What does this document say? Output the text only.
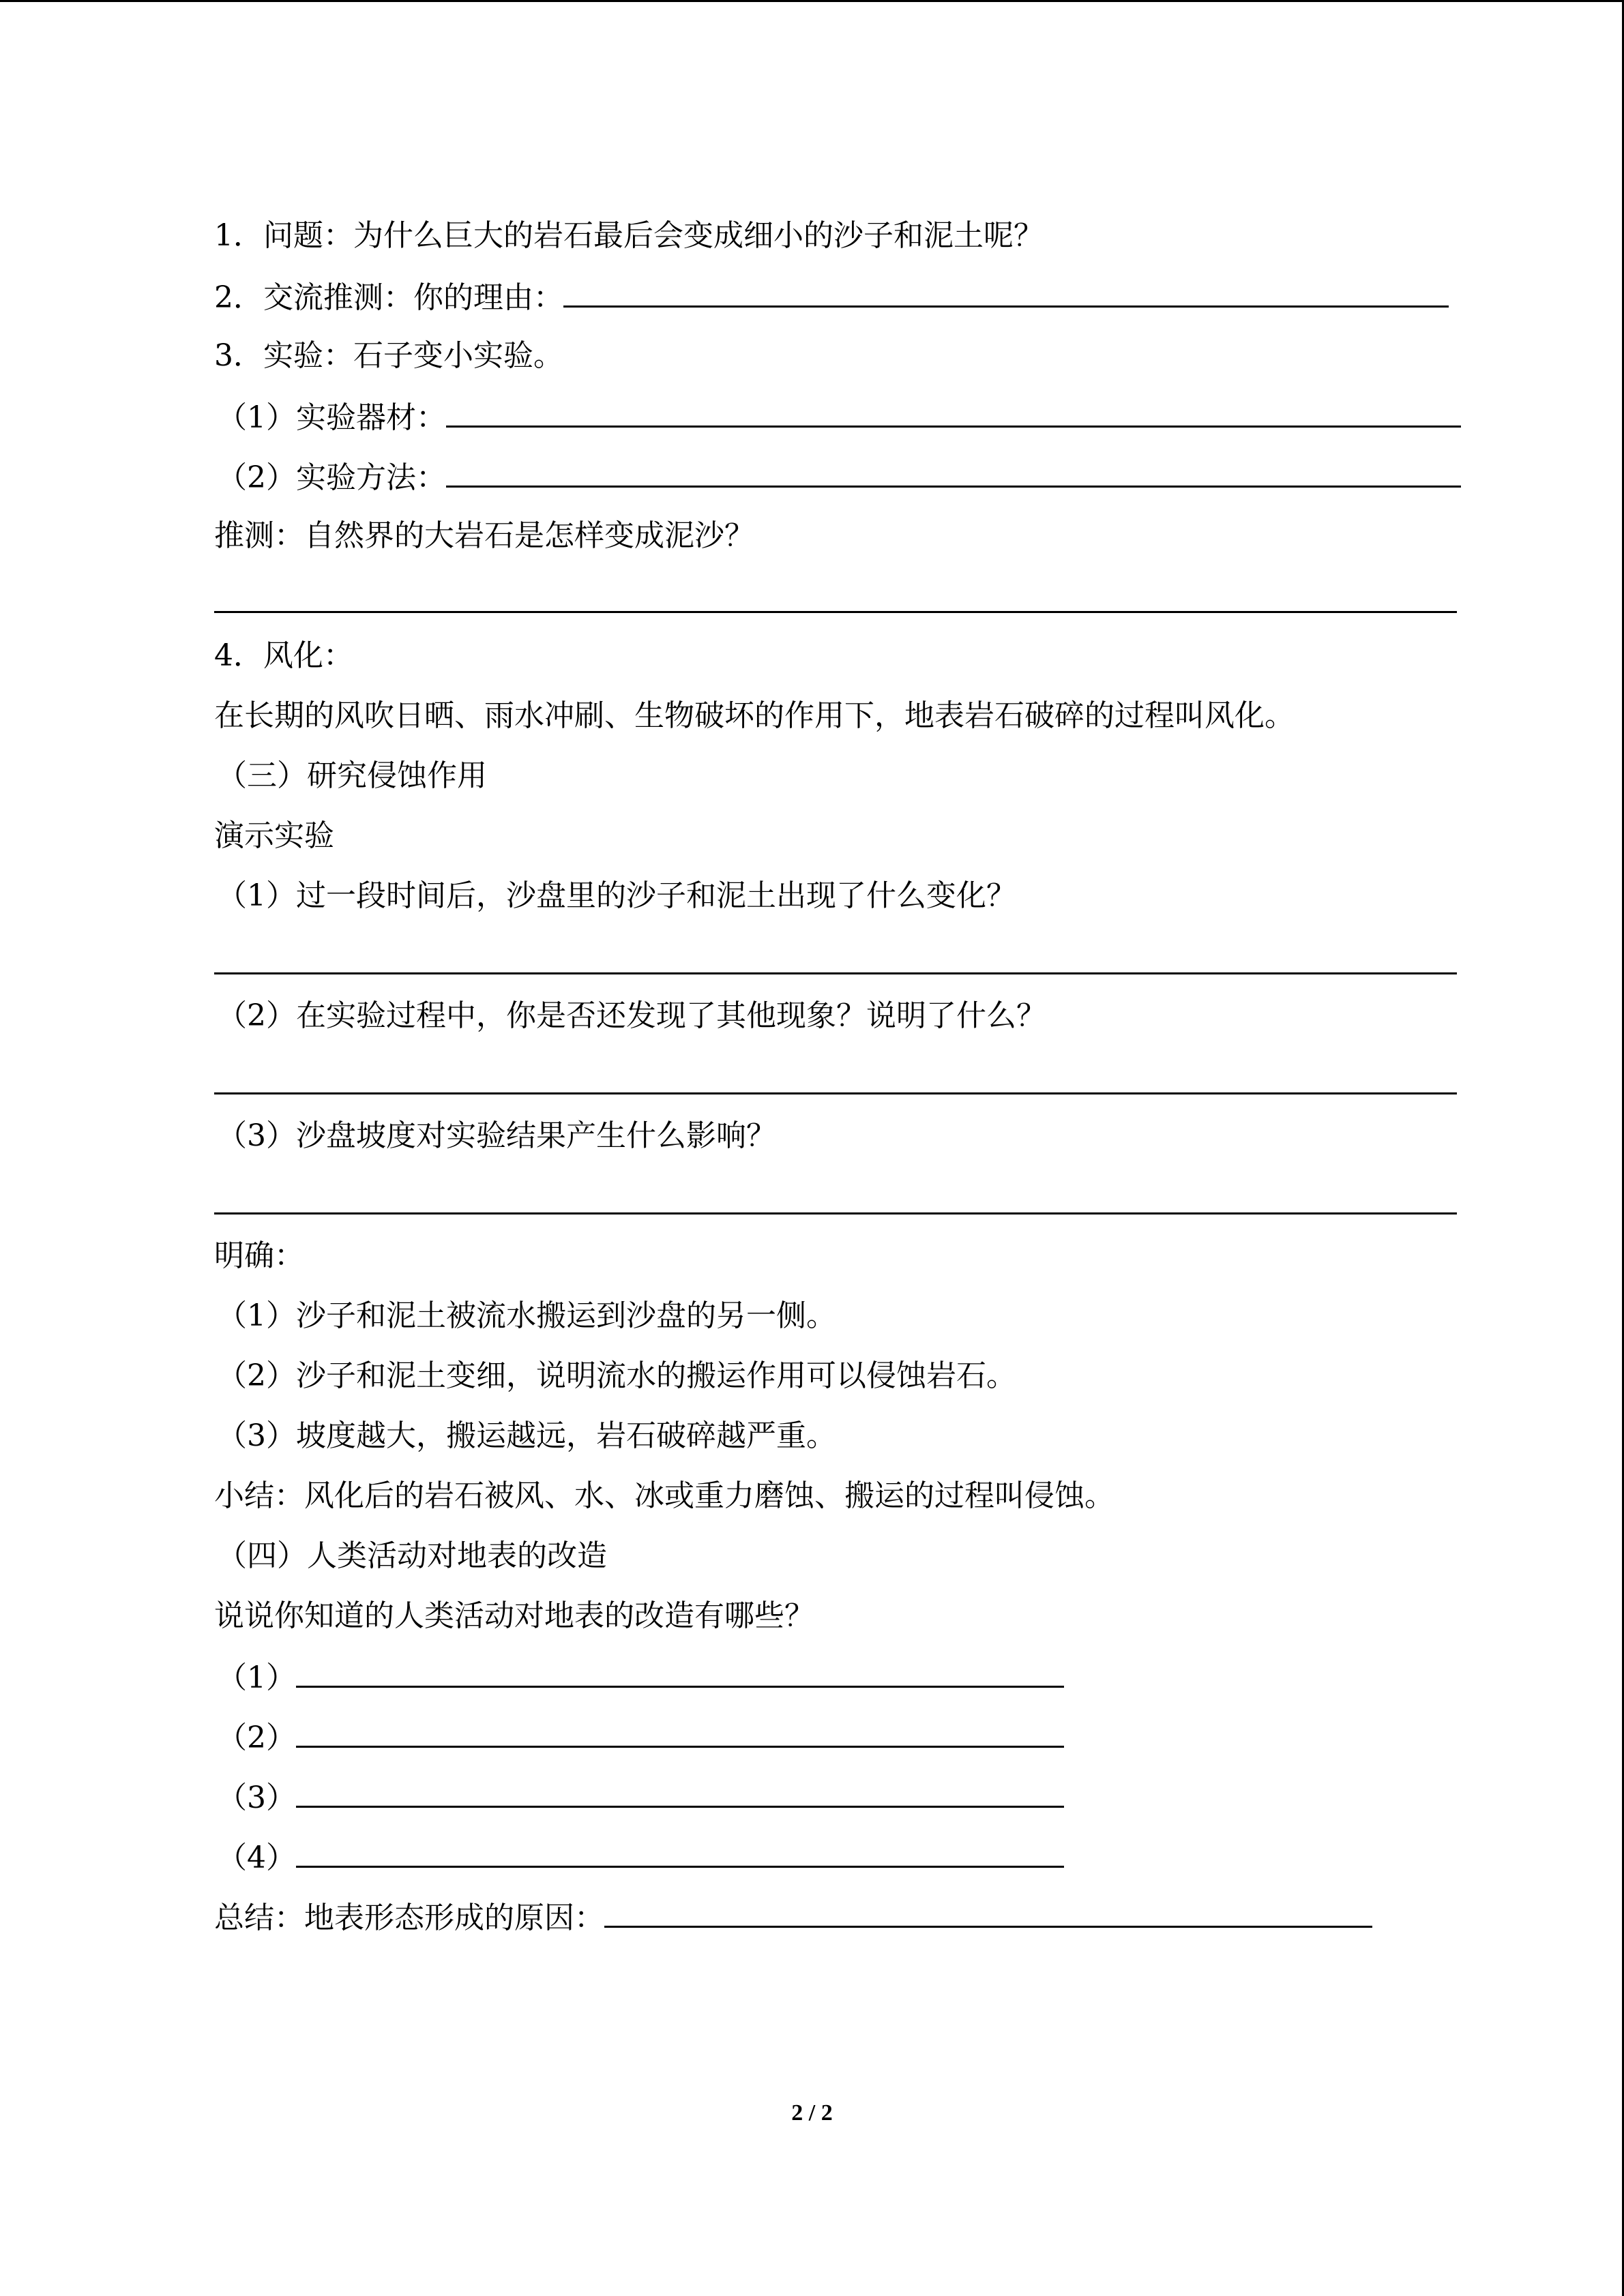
1．问题：为什么巨大的岩石最后会变成细小的沙子和泥土呢？
2．交流推测：你的理由：
3．实验：石子变小实验。
（1）实验器材：
（2）实验方法：
推测：自然界的大岩石是怎样变成泥沙？
4．风化：
在长期的风吹日晒、雨水冲刷、生物破坏的作用下，地表岩石破碎的过程叫风化。
（三）研究侵蚀作用
演示实验
（1）过一段时间后，沙盘里的沙子和泥土出现了什么变化？
（2）在实验过程中，你是否还发现了其他现象？说明了什么？
（3）沙盘坡度对实验结果产生什么影响？
明确：
（1）沙子和泥土被流水搬运到沙盘的另一侧。
（2）沙子和泥土变细，说明流水的搬运作用可以侵蚀岩石。
（3）坡度越大，搬运越远，岩石破碎越严重。
小结：风化后的岩石被风、水、冰或重力磨蚀、搬运的过程叫侵蚀。
（四）人类活动对地表的改造
说说你知道的人类活动对地表的改造有哪些？
（1）
（2）
（3）
（4）
总结：地表形态形成的原因：
2 / 2
